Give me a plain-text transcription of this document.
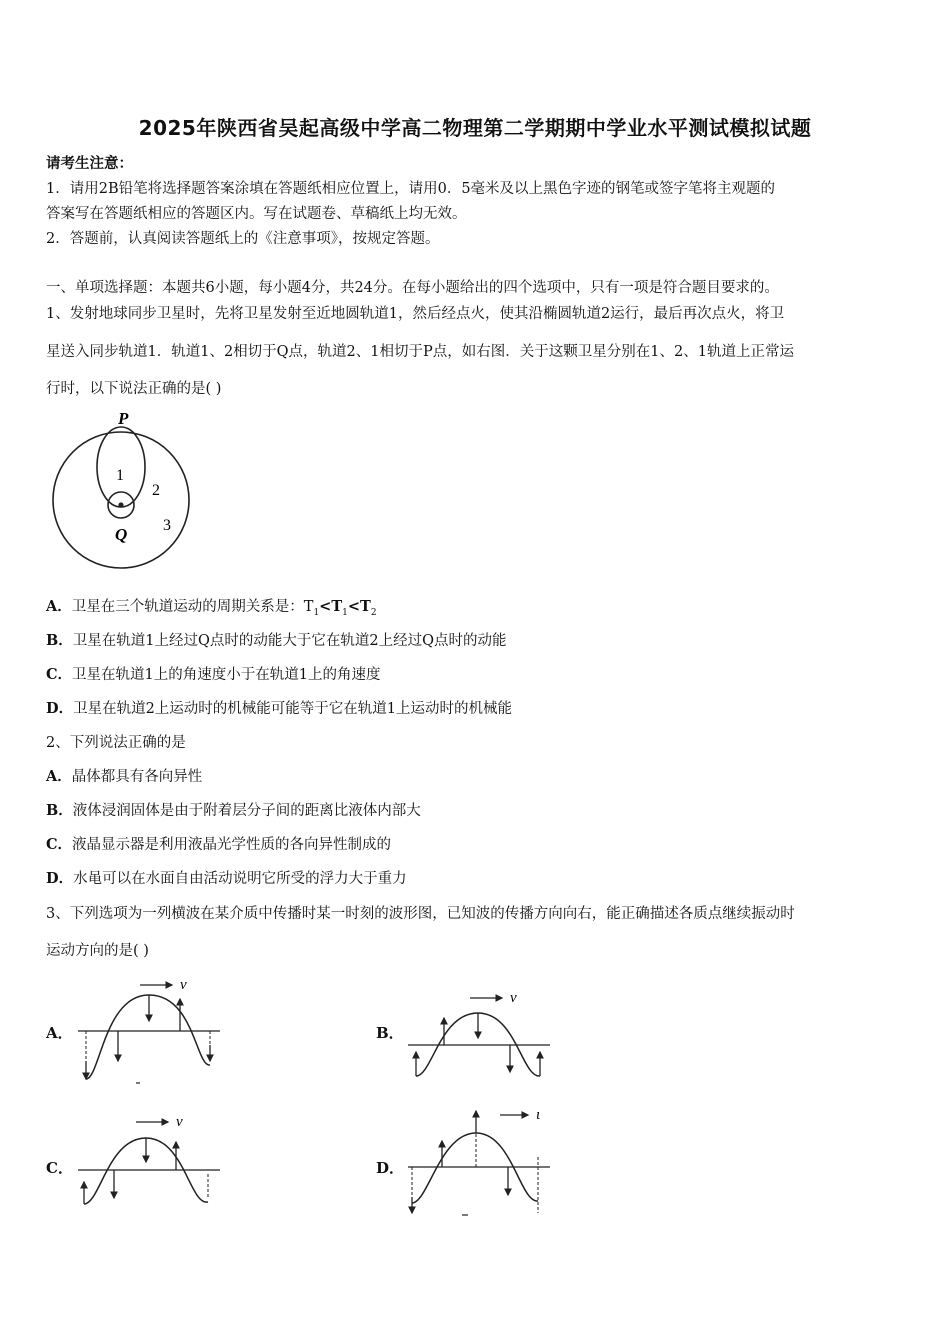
2025年陕西省吴起高级中学高二物理第二学期期中学业水平测试模拟试题
请考生注意：
1．请用2B铅笔将选择题答案涂填在答题纸相应位置上，请用0．5毫米及以上黑色字迹的钢笔或签字笔将主观题的
答案写在答题纸相应的答题区内。写在试题卷、草稿纸上均无效。
2．答题前，认真阅读答题纸上的《注意事项》，按规定答题。
一、单项选择题：本题共6小题，每小题4分，共24分。在每小题给出的四个选项中，只有一项是符合题目要求的。
1、发射地球同步卫星时，先将卫星发射至近地圆轨道1，然后经点火，使其沿椭圆轨道2运行，最后再次点火，将卫
星送入同步轨道1．轨道1、2相切于Q点，轨道2、1相切于P点，如右图．关于这颗卫星分别在1、2、1轨道上正常运
行时，以下说法正确的是( )
P
Q
1
2
3
A．卫星在三个轨道运动的周期关系是：$T_1<T_1<T_2$
B．卫星在轨道1上经过Q点时的动能大于它在轨道2上经过Q点时的动能
C．卫星在轨道1上的角速度小于在轨道1上的角速度
D．卫星在轨道2上运动时的机械能可能等于它在轨道1上运动时的机械能
2、下列说法正确的是
A．晶体都具有各向异性
B．液体浸润固体是由于附着层分子间的距离比液体内部大
C．液晶显示器是利用液晶光学性质的各向异性制成的
D．水黾可以在水面自由活动说明它所受的浮力大于重力
3、下列选项为一列横波在某介质中传播时某一时刻的波形图，已知波的传播方向向右，能正确描述各质点继续振动时
运动方向的是( )
A．	B．
C．	D．
v
v
v	ι
